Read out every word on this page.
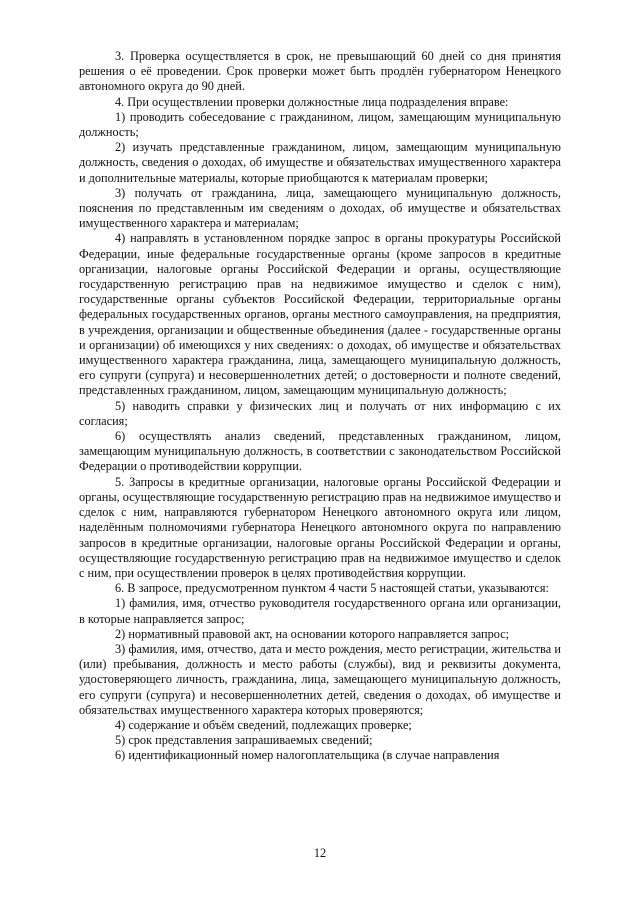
3. Проверка осуществляется в срок, не превышающий 60 дней со дня принятия решения о её проведении. Срок проверки может быть продлён губернатором Ненецкого автономного округа до 90 дней.

4. При осуществлении проверки должностные лица подразделения вправе:

1) проводить собеседование с гражданином, лицом, замещающим муниципальную должность;

2) изучать представленные гражданином, лицом, замещающим муниципальную должность, сведения о доходах, об имуществе и обязательствах имущественного характера и дополнительные материалы, которые приобщаются к материалам проверки;

3) получать от гражданина, лица, замещающего муниципальную должность, пояснения по представленным им сведениям о доходах, об имуществе и обязательствах имущественного характера и материалам;

4) направлять в установленном порядке запрос в органы прокуратуры Российской Федерации, иные федеральные государственные органы (кроме запросов в кредитные организации, налоговые органы Российской Федерации и органы, осуществляющие государственную регистрацию прав на недвижимое имущество и сделок с ним), государственные органы субъектов Российской Федерации, территориальные органы федеральных государственных органов, органы местного самоуправления, на предприятия, в учреждения, организации и общественные объединения (далее - государственные органы и организации) об имеющихся у них сведениях: о доходах, об имуществе и обязательствах имущественного характера гражданина, лица, замещающего муниципальную должность, его супруги (супруга) и несовершеннолетних детей; о достоверности и полноте сведений, представленных гражданином, лицом, замещающим муниципальную должность;

5) наводить справки у физических лиц и получать от них информацию с их согласия;

6) осуществлять анализ сведений, представленных гражданином, лицом, замещающим муниципальную должность, в соответствии с законодательством Российской Федерации о противодействии коррупции.

5. Запросы в кредитные организации, налоговые органы Российской Федерации и органы, осуществляющие государственную регистрацию прав на недвижимое имущество и сделок с ним, направляются губернатором Ненецкого автономного округа или лицом, наделённым полномочиями губернатора Ненецкого автономного округа по направлению запросов в кредитные организации, налоговые органы Российской Федерации и органы, осуществляющие государственную регистрацию прав на недвижимое имущество и сделок с ним, при осуществлении проверок в целях противодействия коррупции.

6. В запросе, предусмотренном пунктом 4 части 5 настоящей статьи, указываются:

1) фамилия, имя, отчество руководителя государственного органа или организации, в которые направляется запрос;

2) нормативный правовой акт, на основании которого направляется запрос;

3) фамилия, имя, отчество, дата и место рождения, место регистрации, жительства и (или) пребывания, должность и место работы (службы), вид и реквизиты документа, удостоверяющего личность, гражданина, лица, замещающего муниципальную должность, его супруги (супруга) и несовершеннолетних детей, сведения о доходах, об имуществе и обязательствах имущественного характера которых проверяются;

4) содержание и объём сведений, подлежащих проверке;

5) срок представления запрашиваемых сведений;

6) идентификационный номер налогоплательщика (в случае направления

12
